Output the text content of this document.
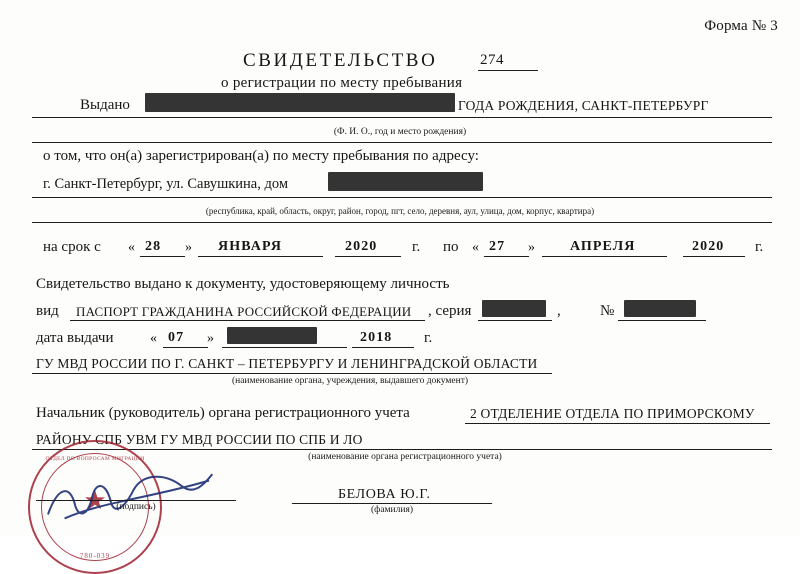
Форма № 3
СВИДЕТЕЛЬСТВО	274
о регистрации по месту пребывания
Выдано	ГОДА РОЖДЕНИЯ, САНКТ-ПЕТЕРБУРГ
(Ф. И. О., год и место рождения)
о том, что он(а) зарегистрирован(а) по месту пребывания по адресу:
г. Санкт-Петербург, ул. Савушкина, дом
(республика, край, область, округ, район, город, пгт, село, деревня, аул, улица, дом, корпус, квартира)
на срок с « 28 » ЯНВАРЯ	2020 г. по « 27 »	АПРЕЛЯ	2020 г.
Свидетельство выдано к документу, удостоверяющему личность
вид ПАСПОРТ ГРАЖДАНИНА РОССИЙСКОЙ ФЕДЕРАЦИИ , серия	,	№
дата выдачи	« 07 »	2018 г.
ГУ МВД РОССИИ ПО Г. САНКТ – ПЕТЕРБУРГУ И ЛЕНИНГРАДСКОЙ ОБЛАСТИ
(наименование органа, учреждения, выдавшего документ)
Начальник (руководитель) органа регистрационного учета	2 ОТДЕЛЕНИЕ ОТДЕЛА ПО ПРИМОРСКОМУ
РАЙОНУ СПБ УВМ ГУ МВД РОССИИ ПО СПБ И ЛО
(наименование органа регистрационного учета)
ОТДЕЛ ПО ВОПРОСАМ МИГРАЦИИ
★
780-039
(подпись)
БЕЛОВА Ю.Г.
(фамилия)
